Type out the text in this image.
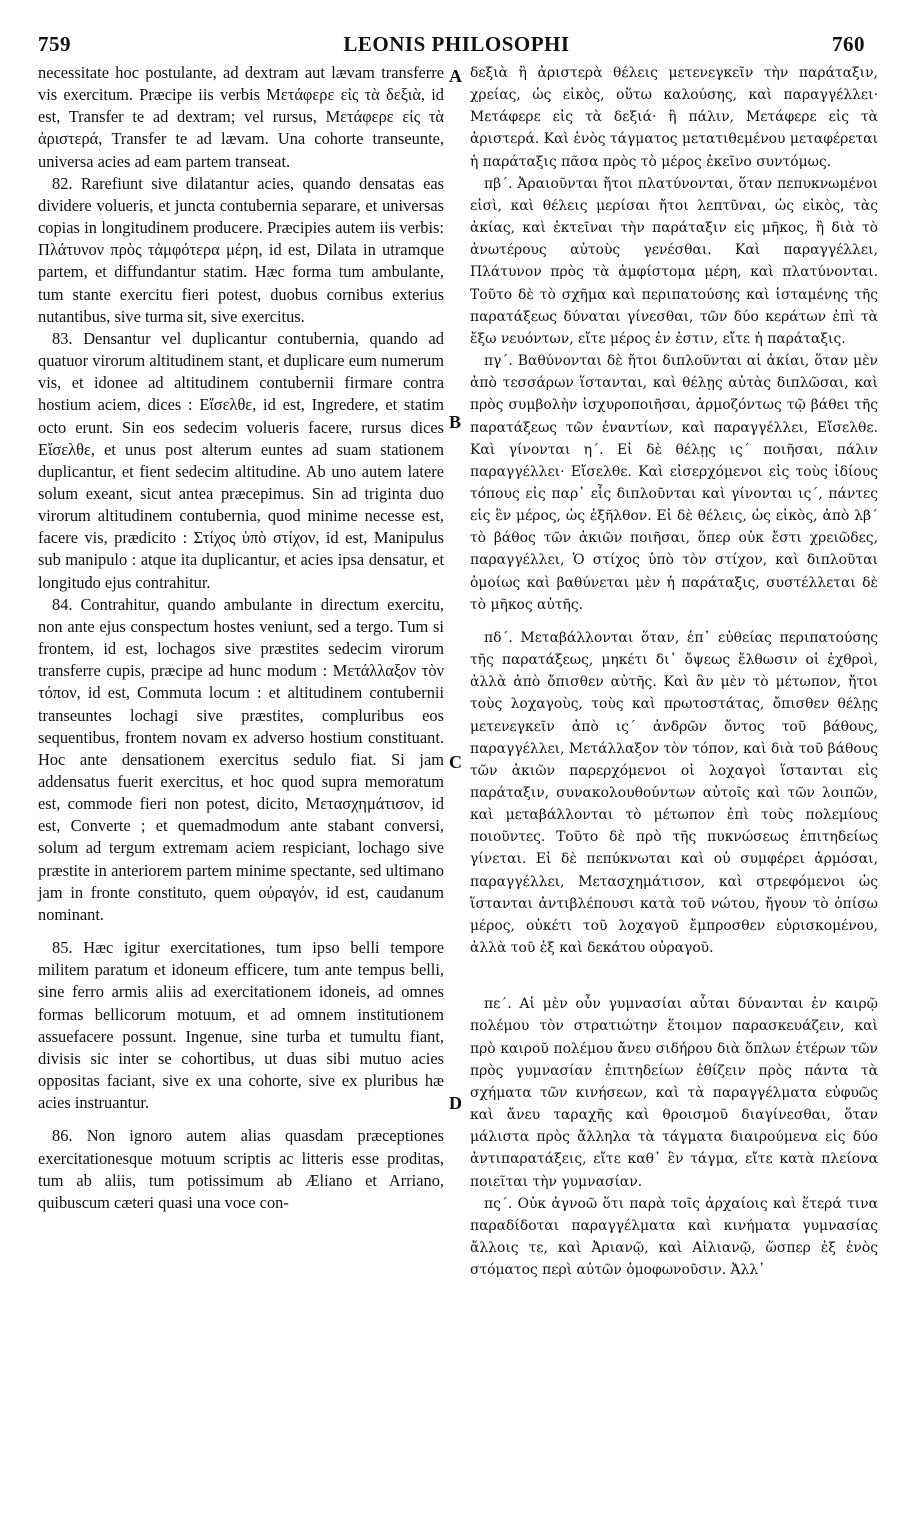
759	LEONIS PHILOSOPHI	760
A
B
C
D

necessitate hoc postulante, ad dextram aut lævam transferre vis exercitum. Præcipe iis verbis Μετάφερε εἰς τὰ δεξιὰ, id est, Transfer te ad dextram; vel rursus, Μετάφερε εἰς τὰ ἀριστερά, Transfer te ad lævam. Una cohorte transeunte, universa acies ad eam partem transeat.

82. Rarefiunt sive dilatantur acies, quando densatas eas dividere volueris, et juncta contubernia separare, et universas copias in longitudinem producere. Præcipies autem iis verbis: Πλάτυνον πρὸς τἀμφότερα μέρη, id est, Dilata in utramque partem, et diffundantur statim. Hæc forma tum ambulante, tum stante exercitu fieri potest, duobus cornibus exterius nutantibus, sive turma sit, sive exercitus.

83. Densantur vel duplicantur contubernia, quando ad quatuor virorum altitudinem stant, et duplicare eum numerum vis, et idonee ad altitudinem contubernii firmare contra hostium aciem, dices : Εἴσελθε, id est, Ingredere, et statim octo erunt. Sin eos sedecim volueris facere, rursus dices Εἴσελθε, et unus post alterum euntes ad suam stationem duplicantur, et fient sedecim altitudine. Ab uno autem latere solum exeant, sicut antea præcepimus. Sin ad triginta duo virorum altitudinem contubernia, quod minime necesse est, facere vis, prædicito : Στίχος ὑπὸ στίχον, id est, Manipulus sub manipulo : atque ita duplicantur, et acies ipsa densatur, et longitudo ejus contrahitur.

84. Contrahitur, quando ambulante in directum exercitu, non ante ejus conspectum hostes veniunt, sed a tergo. Tum si frontem, id est, lochagos sive præstites sedecim virorum transferre cupis, præcipe ad hunc modum : Μετάλλαξον τὸν τόπον, id est, Commuta locum : et altitudinem contubernii transeuntes lochagi sive præstites, compluribus eos sequentibus, frontem novam ex adverso hostium constituant. Hoc ante densationem exercitus sedulo fiat. Si jam addensatus fuerit exercitus, et hoc quod supra memoratum est, commode fieri non potest, dicito, Μετασχημάτισον, id est, Converte ; et quemadmodum ante stabant conversi, solum ad tergum extremam aciem respiciant, lochago sive præstite in anteriorem partem minime spectante, sed ultimano jam in fronte constituto, quem οὐραγόν, id est, caudanum nominant.

85. Hæc igitur exercitationes, tum ipso belli tempore militem paratum et idoneum efficere, tum ante tempus belli, sine ferro armis aliis ad exercitationem idoneis, ad omnes formas bellicorum motuum, et ad omnem institutionem assuefacere possunt. Ingenue, sine turba et tumultu fiant, divisis sic inter se cohortibus, ut duas sibi mutuo acies oppositas faciant, sive ex una cohorte, sive ex pluribus hæ acies instruantur.

86. Non ignoro autem alias quasdam præceptiones exercitationesque motuum scriptis ac litteris esse proditas, tum ab aliis, tum potissimum ab Æliano et Arriano, quibuscum cæteri quasi una voce con-

δεξιὰ ἢ ἀριστερὰ θέλεις μετενεγκεῖν τὴν παράταξιν, χρείας, ὡς εἰκὸς, οὕτω καλούσης, καὶ παραγγέλλει· Μετάφερε εἰς τὰ δεξιά· ἢ πάλιν, Μετάφερε εἰς τὰ ἀριστερά. Καὶ ἑνὸς τάγματος μετατιθεμένου μεταφέρεται ἡ παράταξις πᾶσα πρὸς τὸ μέρος ἐκεῖνο συντόμως.

πβ΄. Ἀραιοῦνται ἤτοι πλατύνονται, ὅταν πεπυκνωμένοι εἰσὶ, καὶ θέλεις μερίσαι ἤτοι λεπτῦναι, ὡς εἰκὸς, τὰς ἀκίας, καὶ ἐκτεῖναι τὴν παράταξιν εἰς μῆκος, ἢ διὰ τὸ ἀνωτέρους αὐτοὺς γενέσθαι. Καὶ παραγγέλλει, Πλάτυνον πρὸς τὰ ἀμφίστομα μέρη, καὶ πλατύνονται. Τοῦτο δὲ τὸ σχῆμα καὶ περιπατούσης καὶ ἱσταμένης τῆς παρατάξεως δύναται γίνεσθαι, τῶν δύο κεράτων ἐπὶ τὰ ἔξω νευόντων, εἴτε μέρος ἐν ἐστιν, εἴτε ἡ παράταξις.

πγ΄. Βαθύνονται δὲ ἤτοι διπλοῦνται αἱ ἀκίαι, ὅταν μὲν ἀπὸ τεσσάρων ἵστανται, καὶ θέλῃς αὐτὰς διπλῶσαι, καὶ πρὸς συμβολὴν ἰσχυροποιῆσαι, ἁρμοζόντως τῷ βάθει τῆς παρατάξεως τῶν ἐναντίων, καὶ παραγγέλλει, Εἴσελθε. Καὶ γίνονται η΄. Εἰ δὲ θέλῃς ις΄ ποιῆσαι, πάλιν παραγγέλλει· Εἴσελθε. Καὶ εἰσερχόμενοι εἰς τοὺς ἰδίους τόπους εἰς παρ᾽ εἷς διπλοῦνται καὶ γίνονται ις΄, πάντες εἰς ἓν μέρος, ὡς ἐξῆλθον. Εἰ δὲ θέλεις, ὡς εἰκὸς, ἀπὸ λβ΄ τὸ βάθος τῶν ἀκιῶν ποιῆσαι, ὅπερ οὐκ ἔστι χρειῶδες, παραγγέλλει, Ὁ στίχος ὑπὸ τὸν στίχον, καὶ διπλοῦται ὁμοίως καὶ βαθύνεται μὲν ἡ παράταξις, συστέλλεται δὲ τὸ μῆκος αὐτῆς.

πδ΄. Μεταβάλλονται ὅταν, ἐπ᾽ εὐθείας περιπατούσης τῆς παρατάξεως, μηκέτι δι᾽ ὄψεως ἔλθωσιν οἱ ἐχθροὶ, ἀλλὰ ἀπὸ ὄπισθεν αὐτῆς. Καὶ ἂν μὲν τὸ μέτωπον, ἤτοι τοὺς λοχαγοὺς, τοὺς καὶ πρωτοστάτας, ὄπισθεν θέλῃς μετενεγκεῖν ἀπὸ ις΄ ἀνδρῶν ὄντος τοῦ βάθους, παραγγέλλει, Μετάλλαξον τὸν τόπον, καὶ διὰ τοῦ βάθους τῶν ἀκιῶν παρερχόμενοι οἱ λοχαγοὶ ἵστανται εἰς παράταξιν, συνακολουθούντων αὐτοῖς καὶ τῶν λοιπῶν, καὶ μεταβάλλονται τὸ μέτωπον ἐπὶ τοὺς πολεμίους ποιοῦντες. Τοῦτο δὲ πρὸ τῆς πυκνώσεως ἐπιτηδείως γίνεται. Εἰ δὲ πεπύκνωται καὶ οὐ συμφέρει ἁρμόσαι, παραγγέλλει, Μετασχημάτισον, καὶ στρεφόμενοι ὡς ἵστανται ἀντιβλέπουσι κατὰ τοῦ νώτου, ἤγουν τὸ ὀπίσω μέρος, οὐκέτι τοῦ λοχαγοῦ ἔμπροσθεν εὑρισκομένου, ἀλλὰ τοῦ ἐξ καὶ δεκάτου οὐραγοῦ.

πε΄. Αἱ μὲν οὖν γυμνασίαι αὗται δύνανται ἐν καιρῷ πολέμου τὸν στρατιώτην ἕτοιμον παρασκευάζειν, καὶ πρὸ καιροῦ πολέμου ἄνευ σιδήρου διὰ ὅπλων ἑτέρων τῶν πρὸς γυμνασίαν ἐπιτηδείων ἐθίζειν πρὸς πάντα τὰ σχήματα τῶν κινήσεων, καὶ τὰ παραγγέλματα εὐφυῶς καὶ ἄνευ ταραχῆς καὶ θροισμοῦ διαγίνεσθαι, ὅταν μάλιστα πρὸς ἄλληλα τὰ τάγματα διαιρούμενα εἰς δύο ἀντιπαρατάξεις, εἴτε καθ᾽ ἓν τάγμα, εἴτε κατὰ πλείονα ποιεῖται τὴν γυμνασίαν.

πς΄. Οὐκ ἀγνοῶ ὅτι παρὰ τοῖς ἀρχαίοις καὶ ἕτερά τινα παραδίδοται παραγγέλματα καὶ κινήματα γυμνασίας ἄλλοις τε, καὶ Ἀριανῷ, καὶ Αἰλιανῷ, ὥσπερ ἐξ ἑνὸς στόματος περὶ αὐτῶν ὁμοφωνοῦσιν. Ἀλλ᾽
